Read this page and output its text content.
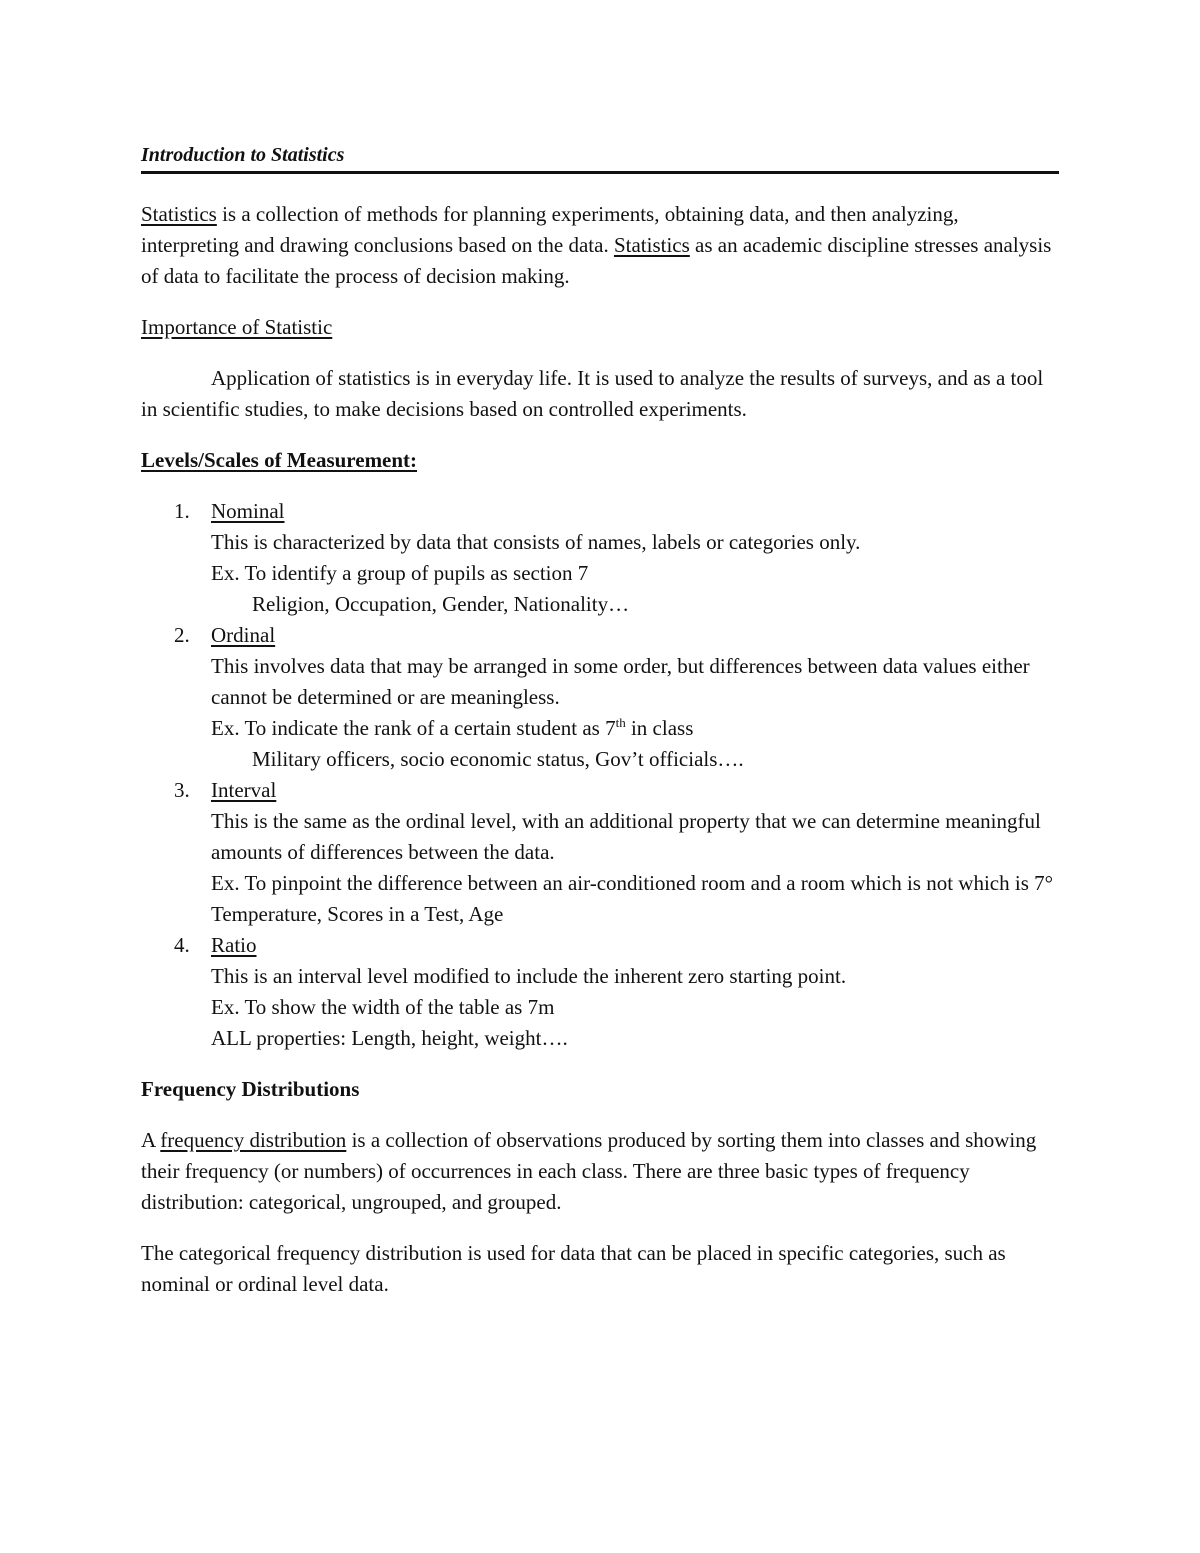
Introduction to Statistics

Statistics is a collection of methods for planning experiments, obtaining data, and then analyzing, interpreting and drawing conclusions based on the data. Statistics as an academic discipline stresses analysis of data to facilitate the process of decision making.

Importance of Statistic

Application of statistics is in everyday life. It is used to analyze the results of surveys, and as a tool in scientific studies, to make decisions based on controlled experiments.

Levels/Scales of Measurement:

1. Nominal
This is characterized by data that consists of names, labels or categories only.
Ex. To identify a group of pupils as section 7
Religion, Occupation, Gender, Nationality…
2. Ordinal
This involves data that may be arranged in some order, but differences between data values either cannot be determined or are meaningless.
Ex. To indicate the rank of a certain student as 7th in class
Military officers, socio economic status, Gov’t officials….
3. Interval
This is the same as the ordinal level, with an additional property that we can determine meaningful amounts of differences between the data.
Ex. To pinpoint the difference between an air-conditioned room and a room which is not which is 7°
Temperature, Scores in a Test, Age
4. Ratio
This is an interval level modified to include the inherent zero starting point.
Ex. To show the width of the table as 7m
ALL properties: Length, height, weight….

Frequency Distributions

A frequency distribution is a collection of observations produced by sorting them into classes and showing their frequency (or numbers) of occurrences in each class. There are three basic types of frequency distribution: categorical, ungrouped, and grouped.

The categorical frequency distribution is used for data that can be placed in specific categories, such as nominal or ordinal level data.
